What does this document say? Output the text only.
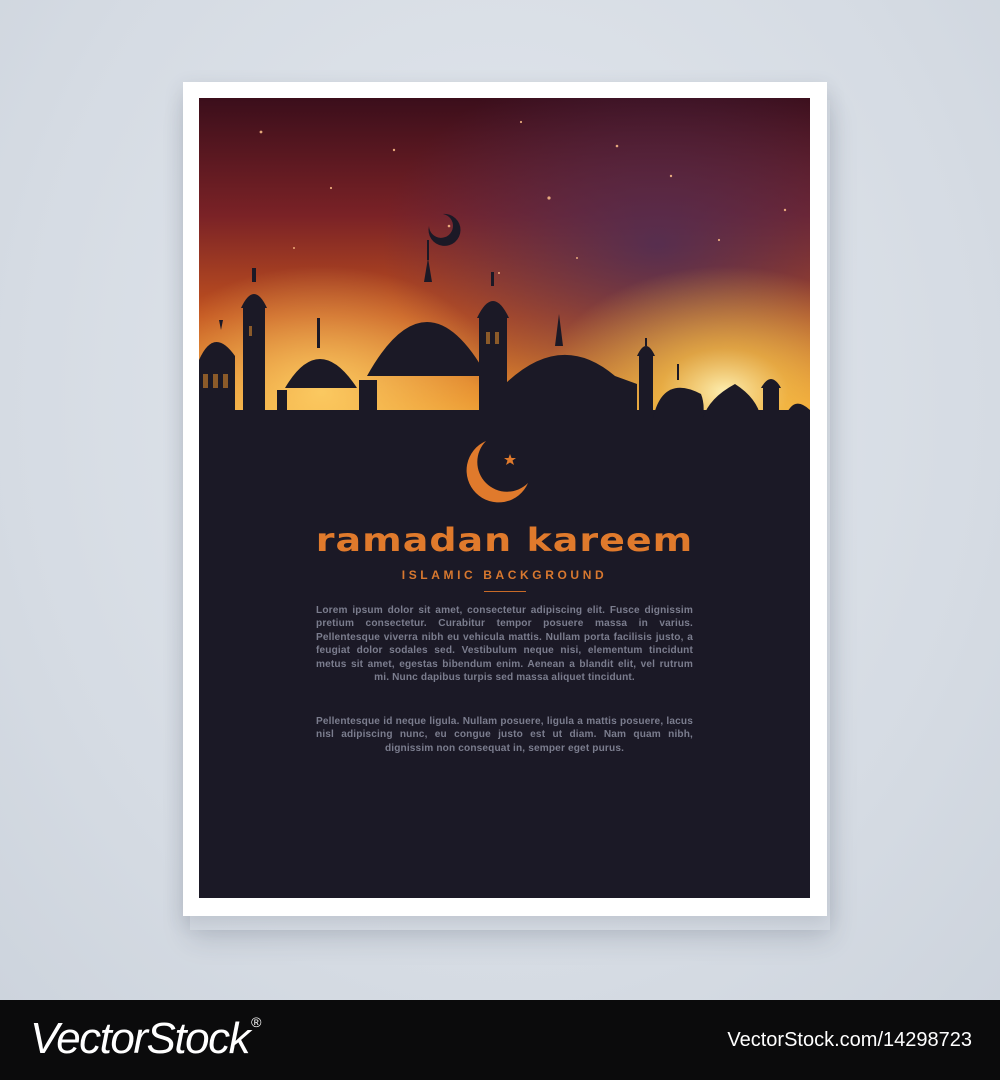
ramadan kareem
ISLAMIC BACKGROUND
Lorem ipsum dolor sit amet, consectetur adipiscing elit. Fusce dignissim pretium consectetur. Curabitur tempor posuere massa in varius. Pellentesque viverra nibh eu vehicula mattis. Nullam porta facilisis justo, a feugiat dolor sodales sed. Vestibulum neque nisi, elementum tincidunt metus sit amet, egestas bibendum enim. Aenean a blandit elit, vel rutrum mi. Nunc dapibus turpis sed massa aliquet tincidunt.
Pellentesque id neque ligula. Nullam posuere, ligula a mattis posuere, lacus nisl adipiscing nunc, eu congue justo est ut diam. Nam quam nibh, dignissim non consequat in, semper eget purus.
VectorStock ®
VectorStock.com/14298723
